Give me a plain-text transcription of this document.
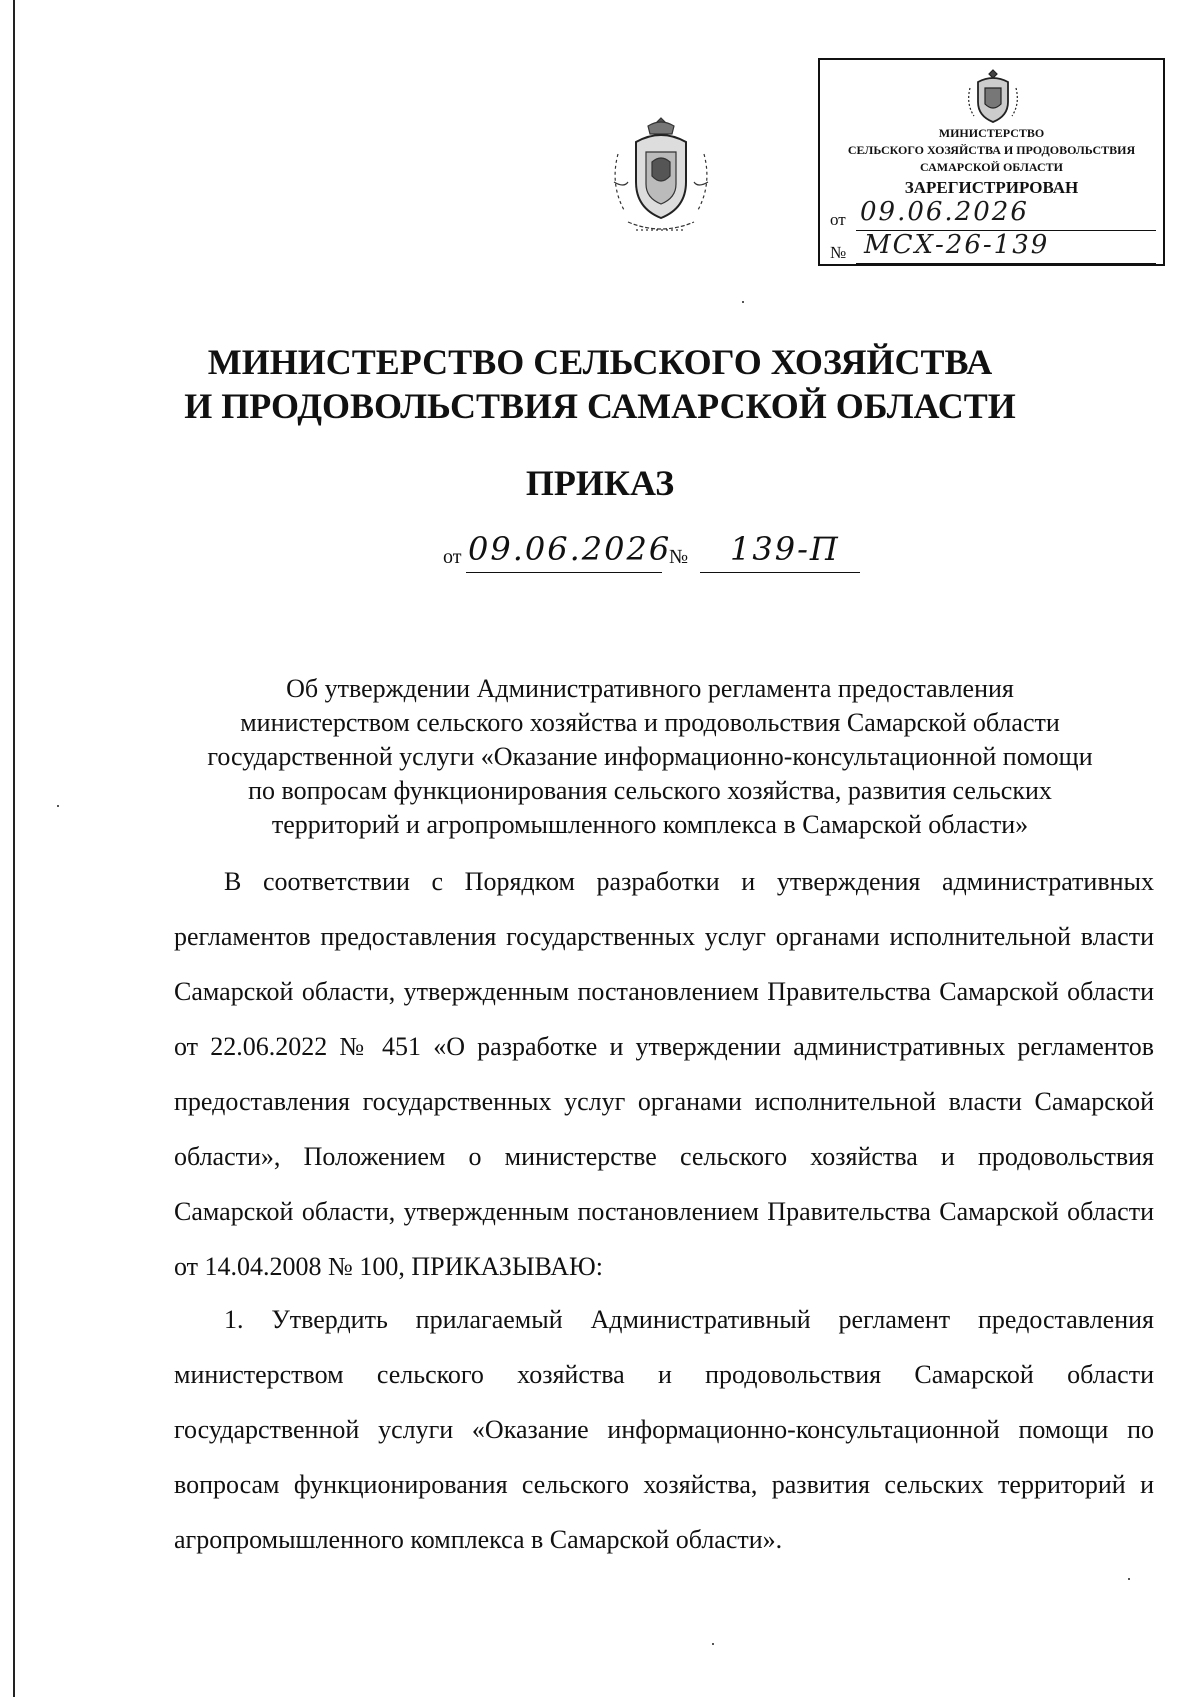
МИНИСТЕРСТВО
СЕЛЬСКОГО ХОЗЯЙСТВА И ПРОДОВОЛЬСТВИЯ
САМАРСКОЙ ОБЛАСТИ
ЗАРЕГИСТРИРОВАН
от 09.06.2026
№ МСХ-26-139
МИНИСТЕРСТВО СЕЛЬСКОГО ХОЗЯЙСТВА
И ПРОДОВОЛЬСТВИЯ САМАРСКОЙ ОБЛАСТИ
ПРИКАЗ
от 09.06.2026
№ 139-П
Об утверждении Административного регламента предоставления
министерством сельского хозяйства и продовольствия Самарской области
государственной услуги «Оказание информационно-консультационной помощи
по вопросам функционирования сельского хозяйства, развития сельских
территорий и агропромышленного комплекса в Самарской области»
В соответствии с Порядком разработки и утверждения административных регламентов предоставления государственных услуг органами исполнительной власти Самарской области, утвержденным постановлением Правительства Самарской области от 22.06.2022 № 451 «О разработке и утверждении административных регламентов предоставления государственных услуг органами исполнительной власти Самарской области», Положением о министерстве сельского хозяйства и продовольствия Самарской области, утвержденным постановлением Правительства Самарской области от 14.04.2008 № 100, ПРИКАЗЫВАЮ:
1. Утвердить прилагаемый Административный регламент предоставления министерством сельского хозяйства и продовольствия Самарской области государственной услуги «Оказание информационно-консультационной помощи по вопросам функционирования сельского хозяйства, развития сельских территорий и агропромышленного комплекса в Самарской области».
